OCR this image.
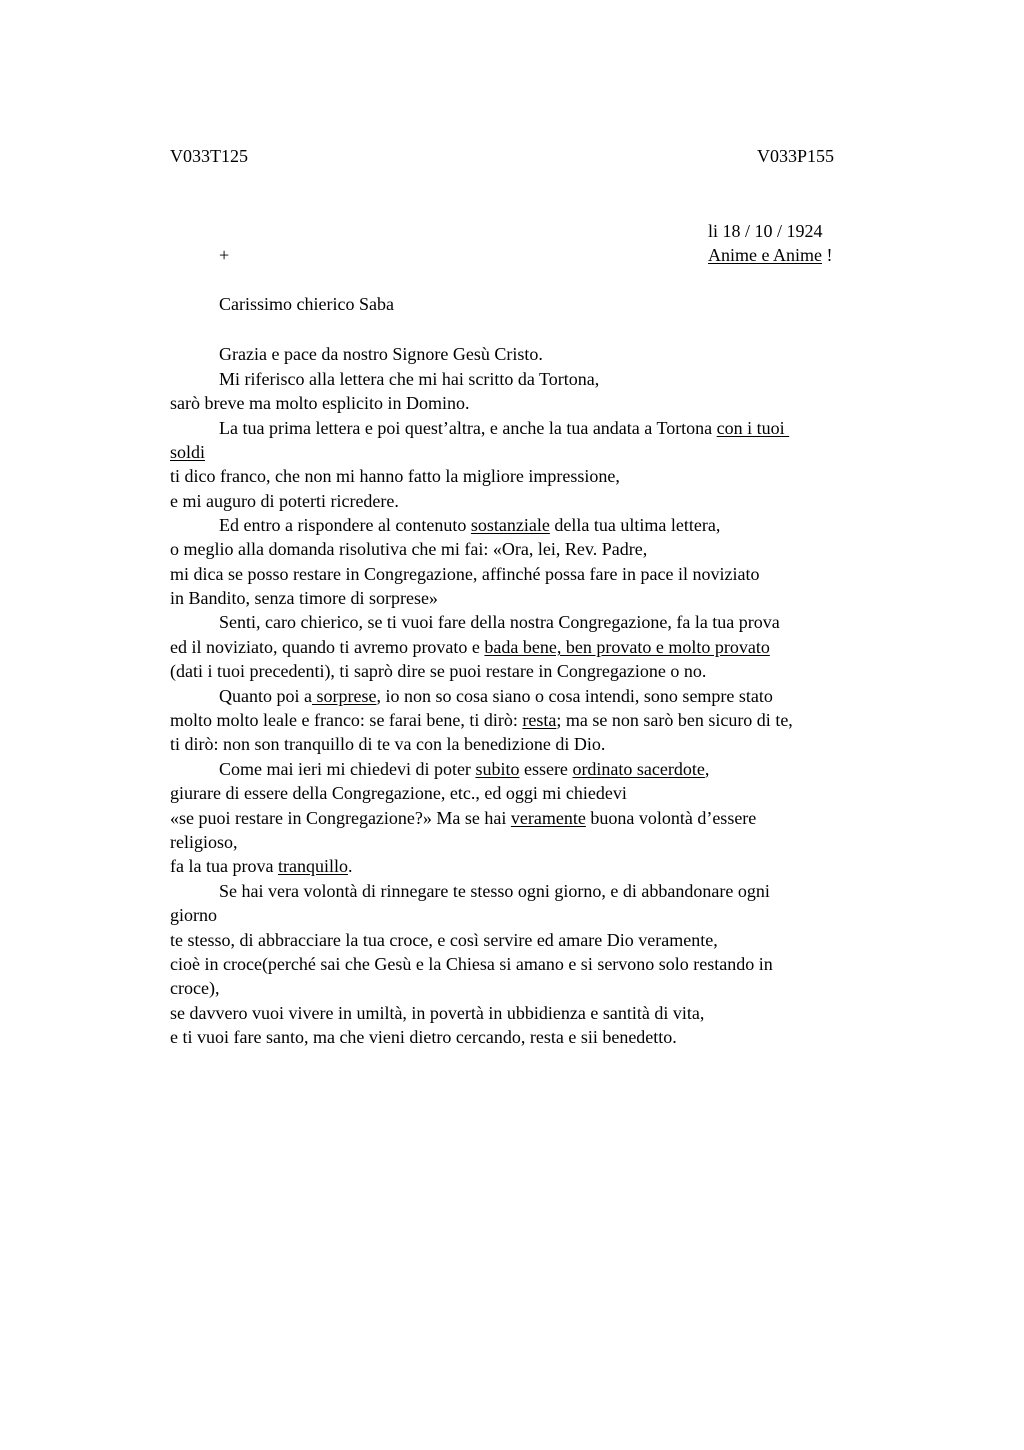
V033T125	V033P155
li 18 / 10 / 1924
+	Anime e Anime !
Carissimo chierico Saba
Grazia e pace da nostro Signore Gesù Cristo.
Mi riferisco alla lettera che mi hai scritto da Tortona,
sarò breve ma molto esplicito in Domino.
La tua prima lettera e poi quest’altra, e anche la tua andata a Tortona con i tuoi
soldi
ti dico franco, che non mi hanno fatto la migliore impressione,
e mi auguro di poterti ricredere.
Ed entro a rispondere al contenuto sostanziale della tua ultima lettera,
o meglio alla domanda risolutiva che mi fai: «Ora, lei, Rev. Padre,
mi dica se posso restare in Congregazione, affinché possa fare in pace il noviziato
in Bandito, senza timore di sorprese»
Senti, caro chierico, se ti vuoi fare della nostra Congregazione, fa la tua prova
ed il noviziato, quando ti avremo provato e bada bene, ben provato e molto provato
(dati i tuoi precedenti), ti saprò dire se puoi restare in Congregazione o no.
Quanto poi a sorprese, io non so cosa siano o cosa intendi, sono sempre stato
molto molto leale e franco: se farai bene, ti dirò: resta; ma se non sarò ben sicuro di te,
ti dirò: non son tranquillo di te va con la benedizione di Dio.
Come mai ieri mi chiedevi di poter subito essere ordinato sacerdote,
giurare di essere della Congregazione, etc., ed oggi mi chiedevi
«se puoi restare in Congregazione?» Ma se hai veramente buona volontà d’essere
religioso,
fa la tua prova tranquillo.
Se hai vera volontà di rinnegare te stesso ogni giorno, e di abbandonare ogni
giorno
te stesso, di abbracciare la tua croce, e così servire ed amare Dio veramente,
cioè in croce(perché sai che Gesù e la Chiesa si amano e si servono solo restando in
croce),
se davvero vuoi vivere in umiltà, in povertà in ubbidienza e santità di vita,
e ti vuoi fare santo, ma che vieni dietro cercando, resta e sii benedetto.
